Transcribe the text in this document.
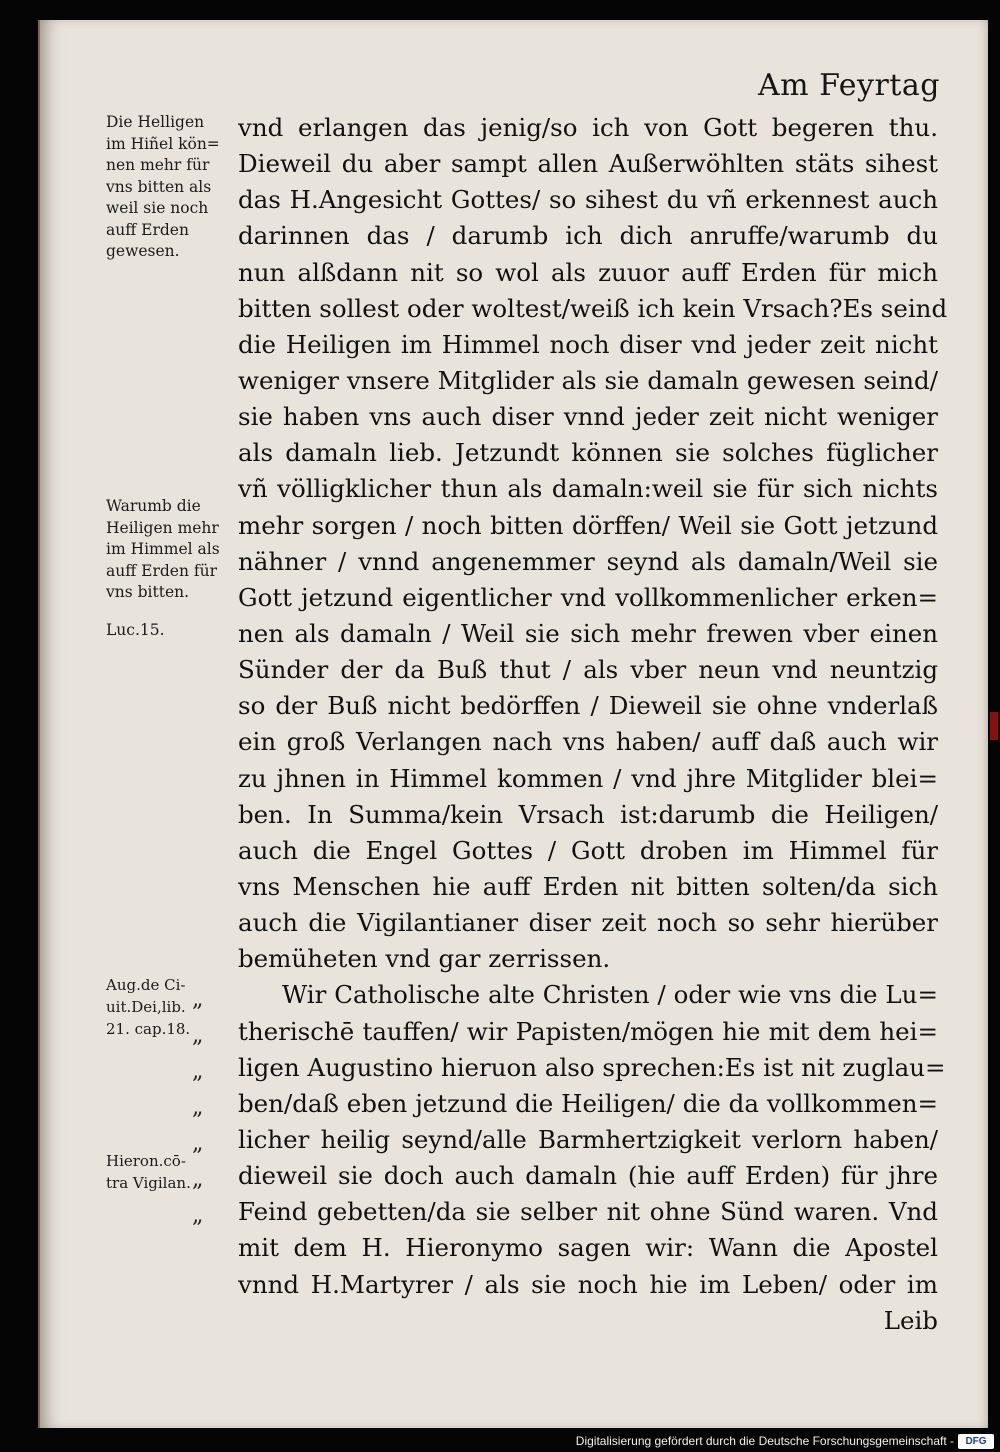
Am Feyrtag
Die Helligen
im Hiñel kön=
nen mehr für
vns bitten als
weil sie noch
auff Erden
gewesen.
Warumb die
Heiligen mehr
im Himmel als
auff Erden für
vns bitten.
Luc.15.
Aug.de Ci-
uit.Dei,lib.
21. cap.18.
Hieron.cō-
tra Vigilan.
vnd erlangen das jenig/so ich von Gott begeren thu.
Dieweil du aber sampt allen Außerwöhlten stäts sihest
das H.Angesicht Gottes/ so sihest du vñ erkennest auch
darinnen das / darumb ich dich anruffe/warumb du
nun alßdann nit so wol als zuuor auff Erden für mich
bitten sollest oder woltest/weiß ich kein Vrsach?Es seind
die Heiligen im Himmel noch diser vnd jeder zeit nicht
weniger vnsere Mitglider als sie damaln gewesen seind/
sie haben vns auch diser vnnd jeder zeit nicht weniger
als damaln lieb. Jetzundt können sie solches füglicher
vñ völligklicher thun als damaln:weil sie für sich nichts
mehr sorgen / noch bitten dörffen/ Weil sie Gott jetzund
nähner / vnnd angenemmer seynd als damaln/Weil sie
Gott jetzund eigentlicher vnd vollkommenlicher erken=
nen als damaln / Weil sie sich mehr frewen vber einen
Sünder der da Buß thut / als vber neun vnd neuntzig
so der Buß nicht bedörffen / Dieweil sie ohne vnderlaß
ein groß Verlangen nach vns haben/ auff daß auch wir
zu jhnen in Himmel kommen / vnd jhre Mitglider blei=
ben. In Summa/kein Vrsach ist:darumb die Heiligen/
auch die Engel Gottes / Gott droben im Himmel für
vns Menschen hie auff Erden nit bitten solten/da sich
auch die Vigilantianer diser zeit noch so sehr hierüber
bemüheten vnd gar zerrissen.
Wir Catholische alte Christen / oder wie vns die Lu=
therischē tauffen/ wir Papisten/mögen hie mit dem hei=
ligen Augustino hieruon also sprechen:Es ist nit zuglau=
ben/daß eben jetzund die Heiligen/ die da vollkommen=
licher heilig seynd/alle Barmhertzigkeit verlorn haben/
dieweil sie doch auch damaln (hie auff Erden) für jhre
Feind gebetten/da sie selber nit ohne Sünd waren. Vnd
mit dem H. Hieronymo sagen wir: Wann die Apostel
vnnd H.Martyrer / als sie noch hie im Leben/ oder im
Leib
„
„
„
„
„
„
„
Digitalisierung gefördert durch die Deutsche Forschungsgemeinschaft -	DFG
